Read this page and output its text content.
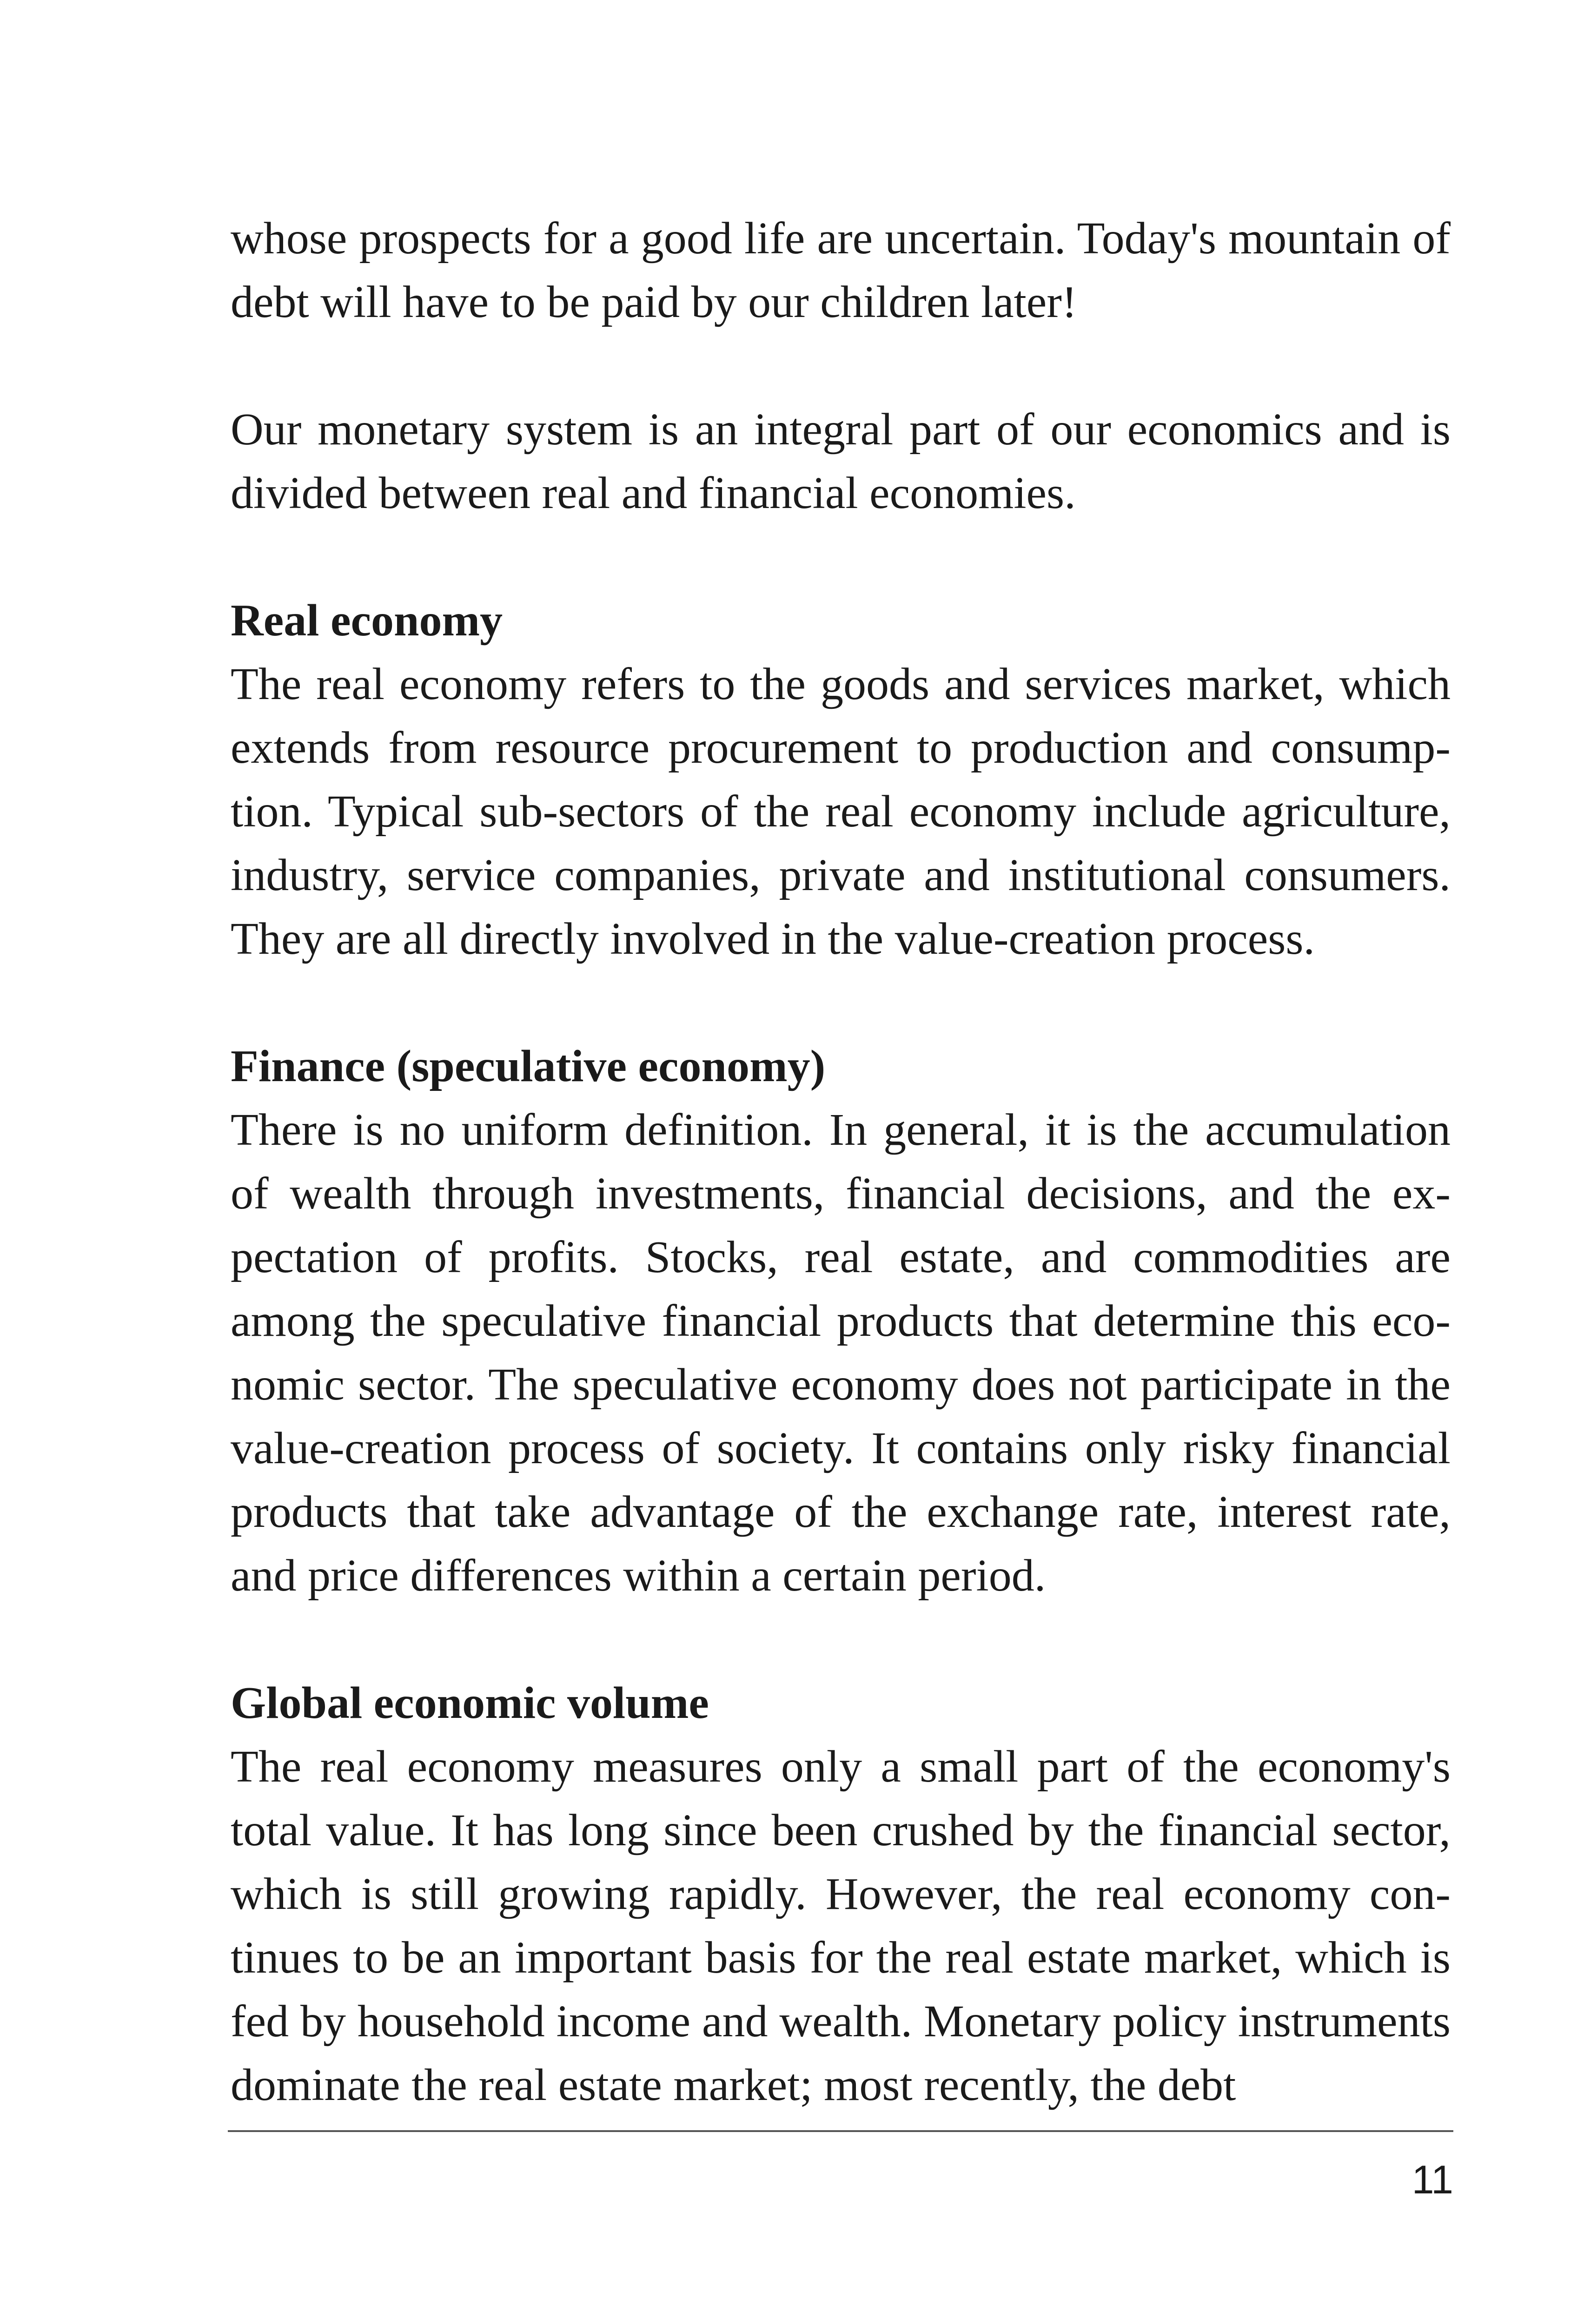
whose prospects for a good life are uncertain. Today's mountain of debt will have to be paid by our children later!

Our monetary system is an integral part of our economics and is divided between real and financial economies.

Real economy

The real economy refers to the goods and services market, which extends from resource procurement to production and consumption. Typical sub-sectors of the real economy include agriculture, industry, service companies, private and institutional consumers. They are all directly involved in the value-creation process.

Finance (speculative economy)

There is no uniform definition. In general, it is the accumulation of wealth through investments, financial decisions, and the expectation of profits. Stocks, real estate, and commodities are among the speculative financial products that determine this economic sector. The speculative economy does not participate in the value-creation process of society. It contains only risky financial products that take advantage of the exchange rate, interest rate, and price differences within a certain period.

Global economic volume

The real economy measures only a small part of the economy's total value. It has long since been crushed by the financial sector, which is still growing rapidly. However, the real economy continues to be an important basis for the real estate market, which is fed by household income and wealth. Monetary policy instruments dominate the real estate market; most recently, the debt

11
